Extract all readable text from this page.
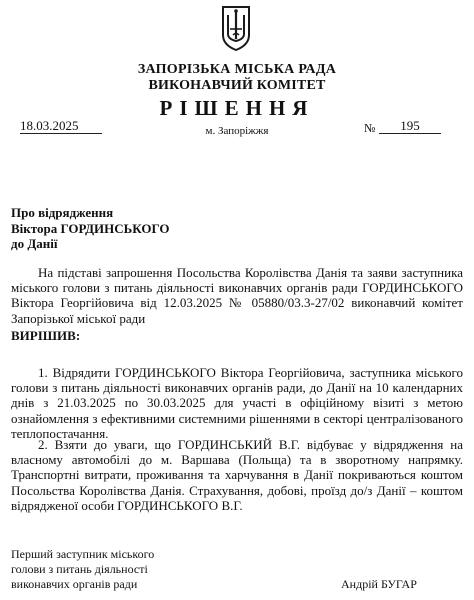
ЗАПОРІЗЬКА МІСЬКА РАДА
ВИКОНАВЧИЙ КОМІТЕТ
РІШЕННЯ
18.03.2025	м. Запоріжжя	№	195
Про відрядження
Віктора ГОРДИНСЬКОГО
до Данії
На підставі запрошення Посольства Королівства Данія та заяви заступника міського голови з питань діяльності виконавчих органів ради ГОРДИНСЬКОГО Віктора Георгійовича від 12.03.2025 № 05880/03.3-27/02 виконавчий комітет Запорізької міської ради
ВИРІШИВ:
1. Відрядити ГОРДИНСЬКОГО Віктора Георгійовича, заступника міського голови з питань діяльності виконавчих органів ради, до Данії на 10 календарних днів з 21.03.2025 по 30.03.2025 для участі в офіційному візиті з метою ознайомлення з ефективними системними рішеннями в секторі централізованого теплопостачання.
2. Взяти до уваги, що ГОРДИНСЬКИЙ В.Г. відбуває у відрядження на власному автомобілі до м. Варшава (Польща) та в зворотному напрямку. Транспортні витрати, проживання та харчування в Данії покриваються коштом Посольства Королівства Данія. Страхування, добові, проїзд до/з Данії – коштом відрядженої особи ГОРДИНСЬКОГО В.Г.
Перший заступник міського
голови з питань діяльності
виконавчих органів ради	Андрій БУГАР
